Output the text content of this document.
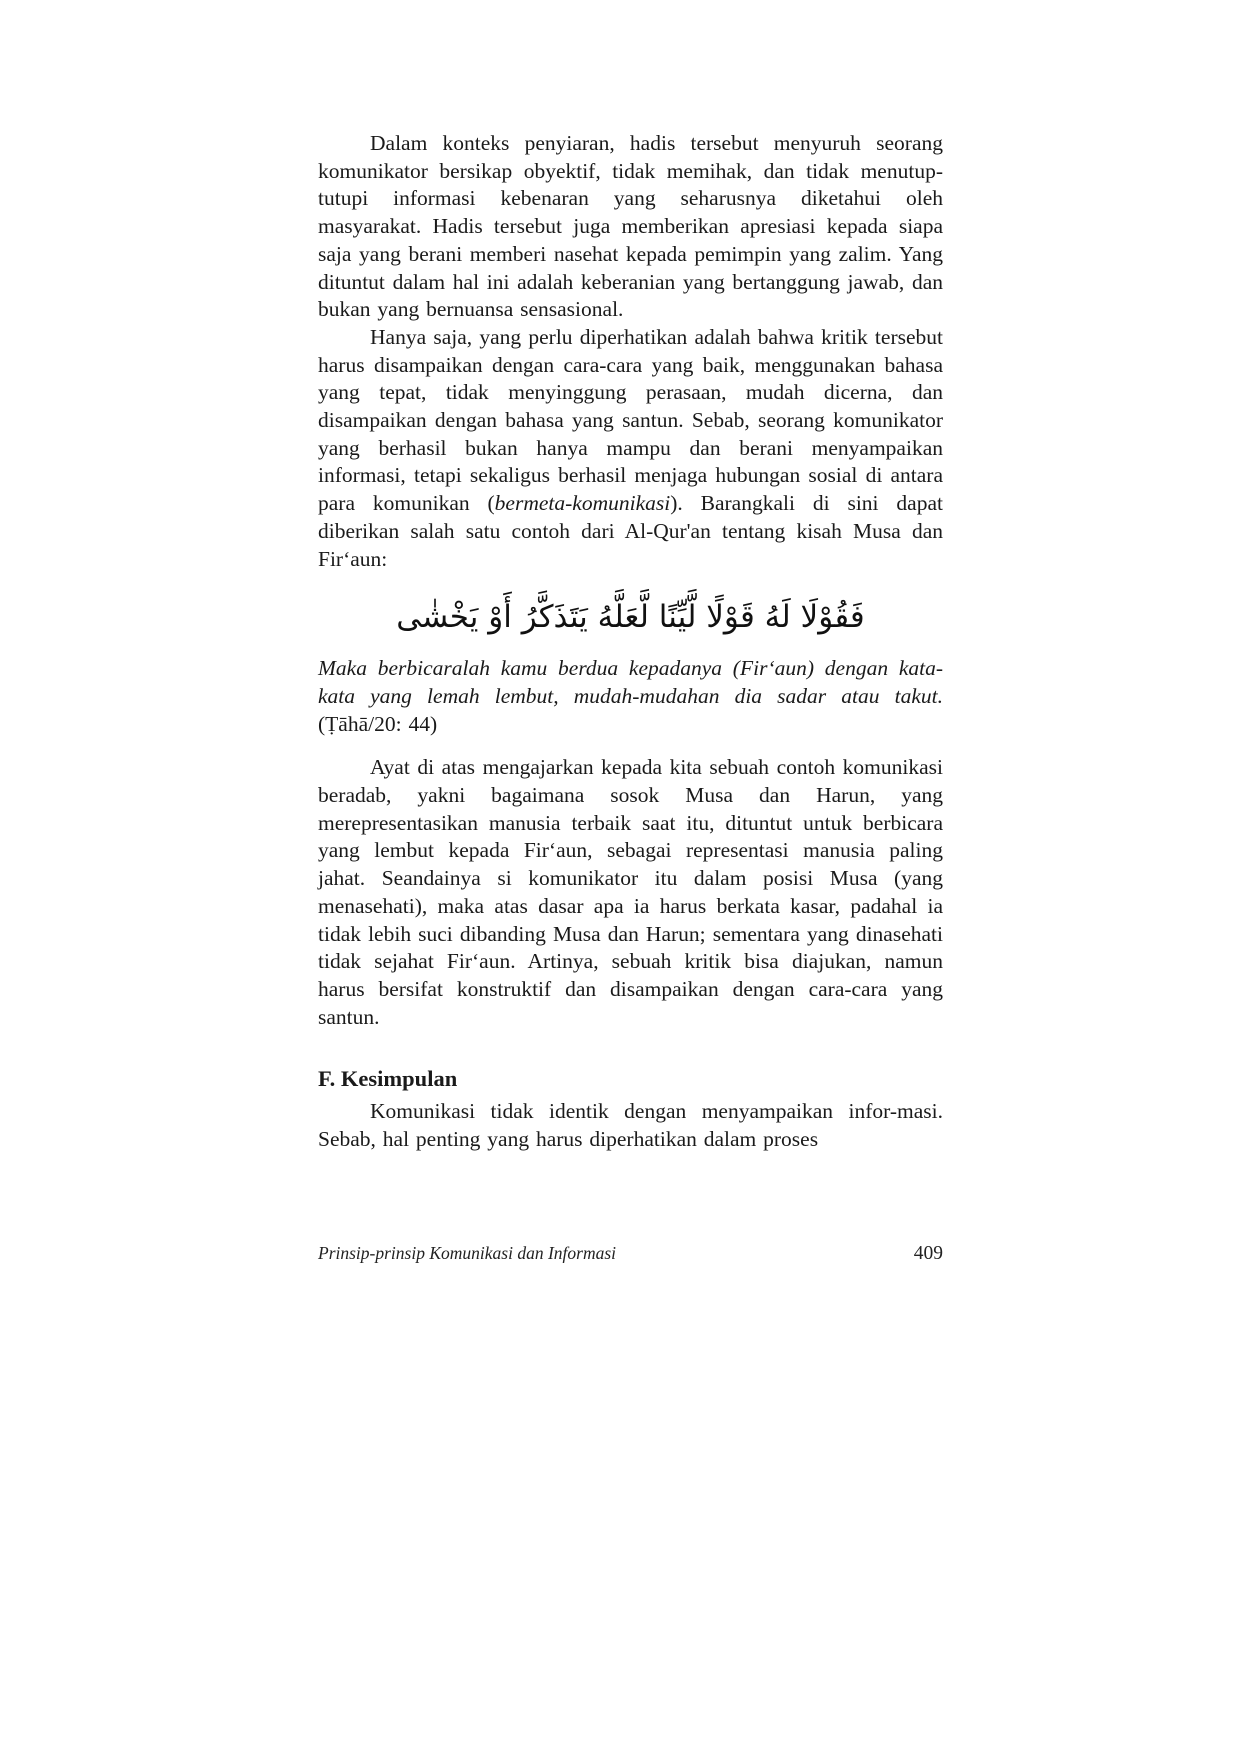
Dalam konteks penyiaran, hadis tersebut menyuruh seorang komunikator bersikap obyektif, tidak memihak, dan tidak menutup-tutupi informasi kebenaran yang seharusnya diketahui oleh masyarakat. Hadis tersebut juga memberikan apresiasi kepada siapa saja yang berani memberi nasehat kepada pemimpin yang zalim. Yang dituntut dalam hal ini adalah keberanian yang bertanggung jawab, dan bukan yang bernuansa sensasional.

Hanya saja, yang perlu diperhatikan adalah bahwa kritik tersebut harus disampaikan dengan cara-cara yang baik, menggunakan bahasa yang tepat, tidak menyinggung perasaan, mudah dicerna, dan disampaikan dengan bahasa yang santun. Sebab, seorang komunikator yang berhasil bukan hanya mampu dan berani menyampaikan informasi, tetapi sekaligus berhasil menjaga hubungan sosial di antara para komunikan (bermeta-komunikasi). Barangkali di sini dapat diberikan salah satu contoh dari Al-Qur'an tentang kisah Musa dan Fir‘aun:

فَقُوْلَا لَهُ قَوْلًا لَّيِّنًا لَّعَلَّهُ يَتَذَكَّرُ أَوْ يَخْشٰى

Maka berbicaralah kamu berdua kepadanya (Fir‘aun) dengan kata-kata yang lemah lembut, mudah-mudahan dia sadar atau takut. (Ṭāhā/20: 44)

Ayat di atas mengajarkan kepada kita sebuah contoh komunikasi beradab, yakni bagaimana sosok Musa dan Harun, yang merepresentasikan manusia terbaik saat itu, dituntut untuk berbicara yang lembut kepada Fir‘aun, sebagai representasi manusia paling jahat. Seandainya si komunikator itu dalam posisi Musa (yang menasehati), maka atas dasar apa ia harus berkata kasar, padahal ia tidak lebih suci dibanding Musa dan Harun; sementara yang dinasehati tidak sejahat Fir‘aun. Artinya, sebuah kritik bisa diajukan, namun harus bersifat konstruktif dan disampaikan dengan cara-cara yang santun.

F. Kesimpulan

Komunikasi tidak identik dengan menyampaikan infor-masi. Sebab, hal penting yang harus diperhatikan dalam proses

Prinsip-prinsip Komunikasi dan Informasi	409
